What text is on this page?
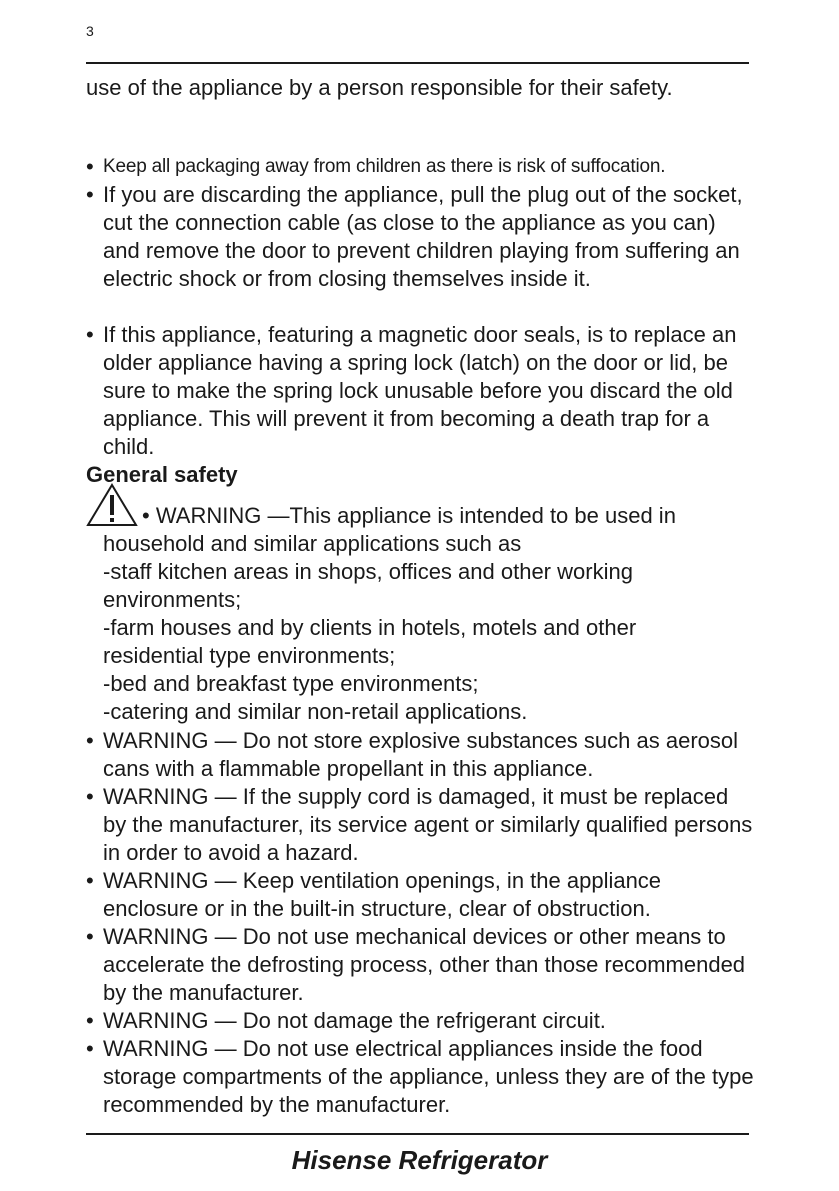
3

use of the appliance by a person responsible for their safety.

• Keep all packaging away from children as there is risk of suffocation.

• If you are discarding the appliance, pull the plug out of the socket, cut the connection cable (as close to the appliance as you can) and remove the door to prevent children playing from suffering an electric shock or from closing themselves inside it.

• If this appliance, featuring a magnetic door seals, is to replace an older appliance having a spring lock (latch) on the door or lid, be sure to make the spring lock unusable before you discard the old appliance. This will prevent it from becoming a death trap for a child.

General safety

• WARNING —This appliance is intended to be used in

household and similar applications such as
-staff kitchen areas in shops, offices and other working
environments;
-farm houses and by clients in hotels, motels and other
residential type environments;
-bed and breakfast type environments;
-catering and similar non-retail applications.
• WARNING — Do not store explosive substances such as aerosol cans with a flammable propellant in this appliance.

• WARNING — If the supply cord is damaged, it must be replaced by the manufacturer, its service agent or similarly qualified persons in order to avoid a hazard.

• WARNING — Keep ventilation openings, in the appliance enclosure or in the built-in structure, clear of obstruction.

• WARNING — Do not use mechanical devices or other means to accelerate the defrosting process, other than those recommended by the manufacturer.

• WARNING — Do not damage the refrigerant circuit.

• WARNING — Do not use electrical appliances inside the food storage compartments of the appliance, unless they are of the type recommended by the manufacturer.

Hisense Refrigerator
